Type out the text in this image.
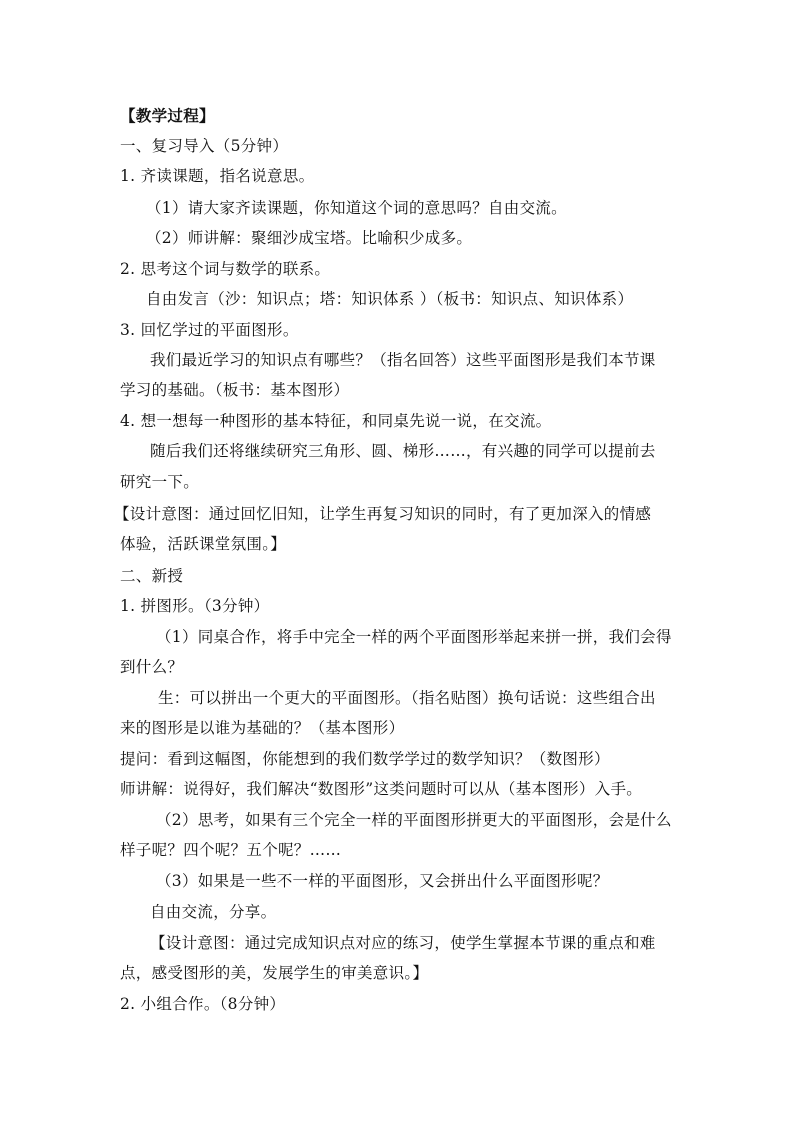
【教学过程】
一、复习导入（5分钟）
1. 齐读课题，指名说意思。
（1）请大家齐读课题，你知道这个词的意思吗？自由交流。
（2）师讲解：聚细沙成宝塔。比喻积少成多。
2. 思考这个词与数学的联系。
自由发言（沙：知识点；塔：知识体系 ）（板书：知识点、知识体系）
3. 回忆学过的平面图形。
我们最近学习的知识点有哪些？（指名回答）这些平面图形是我们本节课
学习的基础。（板书：基本图形）
4. 想一想每一种图形的基本特征，和同桌先说一说，在交流。
随后我们还将继续研究三角形、圆、梯形……，有兴趣的同学可以提前去
研究一下。
【设计意图：通过回忆旧知，让学生再复习知识的同时，有了更加深入的情感
体验，活跃课堂氛围。】
二、新授
1. 拼图形。（3分钟）
（1）同桌合作，将手中完全一样的两个平面图形举起来拼一拼，我们会得
到什么？
生：可以拼出一个更大的平面图形。（指名贴图）换句话说：这些组合出
来的图形是以谁为基础的？（基本图形）
提问：看到这幅图，你能想到的我们数学学过的数学知识？（数图形）
师讲解：说得好，我们解决“数图形”这类问题时可以从（基本图形）入手。
（2）思考，如果有三个完全一样的平面图形拼更大的平面图形，会是什么
样子呢？四个呢？五个呢？……
（3）如果是一些不一样的平面图形，又会拼出什么平面图形呢？
自由交流，分享。
【设计意图：通过完成知识点对应的练习，使学生掌握本节课的重点和难
点，感受图形的美，发展学生的审美意识。】
2. 小组合作。（8分钟）
